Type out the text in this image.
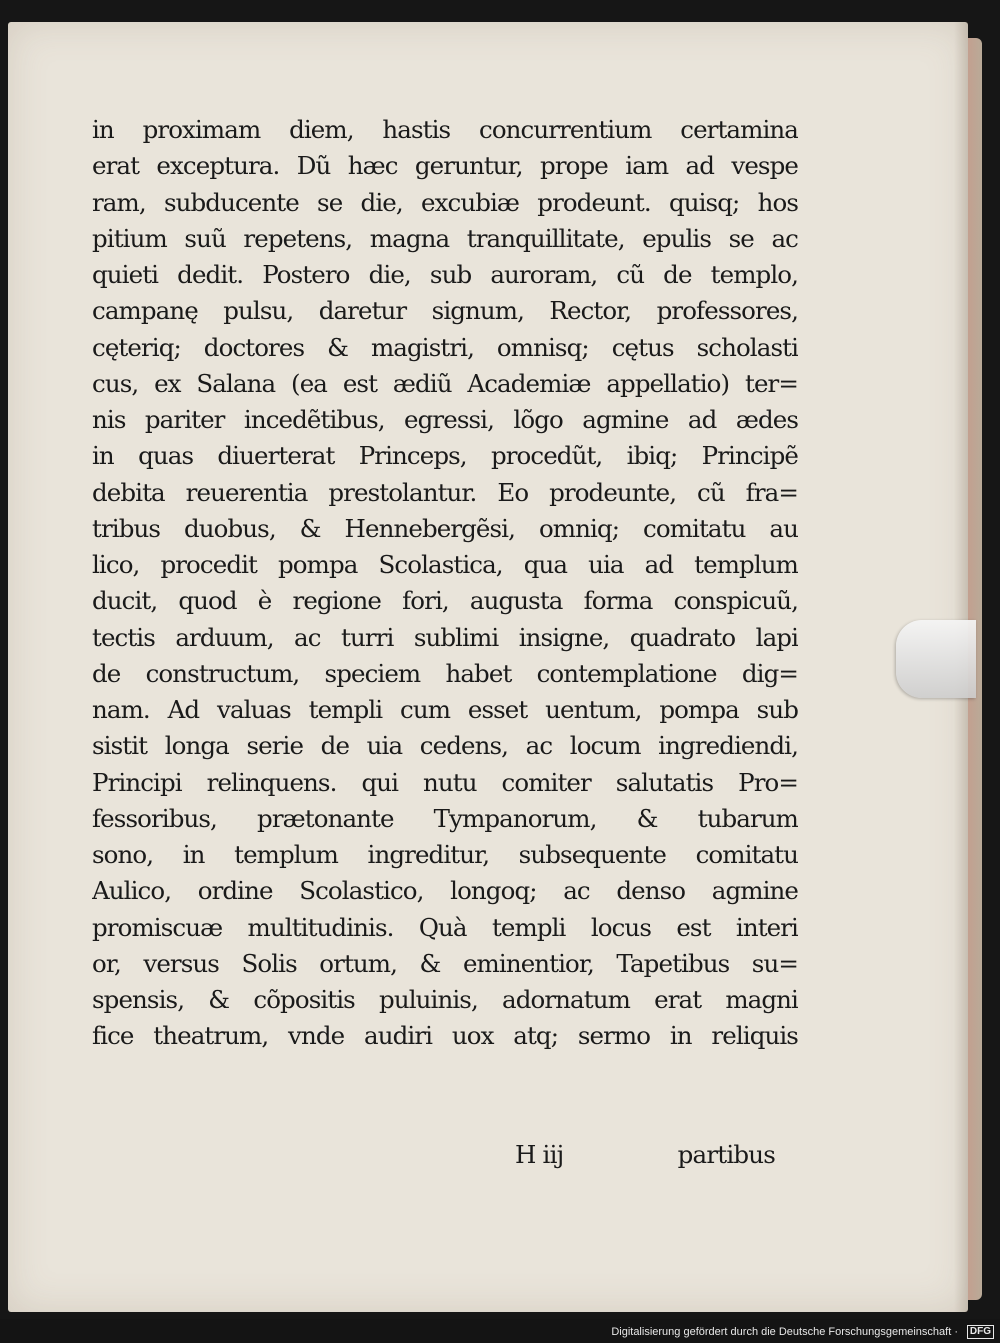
in proximam diem, hastis concurrentium certamina
erat exceptura. Dũ hæc geruntur, prope iam ad vespe
ram, subducente se die, excubiæ prodeunt. quisq; hos
pitium suũ repetens, magna tranquillitate, epulis se ac
quieti dedit. Postero die, sub auroram, cũ de templo,
campanę pulsu, daretur signum, Rector, professores,
cęteriq; doctores & magistri, omnisq; cętus scholasti
cus, ex Salana (ea est ædiũ Academiæ appellatio) ter=
nis pariter incedẽtibus, egressi, lõgo agmine ad ædes
in quas diuerterat Princeps, procedũt, ibiq; Principẽ
debita reuerentia prestolantur. Eo prodeunte, cũ fra=
tribus duobus, & Hennebergẽsi, omniq; comitatu au
lico, procedit pompa Scolastica, qua uia ad templum
ducit, quod è regione fori, augusta forma conspicuũ,
tectis arduum, ac turri sublimi insigne, quadrato lapi
de constructum, speciem habet contemplatione dig=
nam. Ad valuas templi cum esset uentum, pompa sub
sistit longa serie de uia cedens, ac locum ingrediendi,
Principi relinquens. qui nutu comiter salutatis Pro=
fessoribus, prætonante Tympanorum, & tubarum
sono, in templum ingreditur, subsequente comitatu
Aulico, ordine Scolastico, longoq; ac denso agmine
promiscuæ multitudinis. Quà templi locus est interi
or, versus Solis ortum, & eminentior, Tapetibus su=
spensis, & cõpositis puluinis, adornatum erat magni
fice theatrum, vnde audiri uox atq; sermo in reliquis
H iij	partibus
Digitalisierung gefördert durch die Deutsche Forschungsgemeinschaft ·	DFG
